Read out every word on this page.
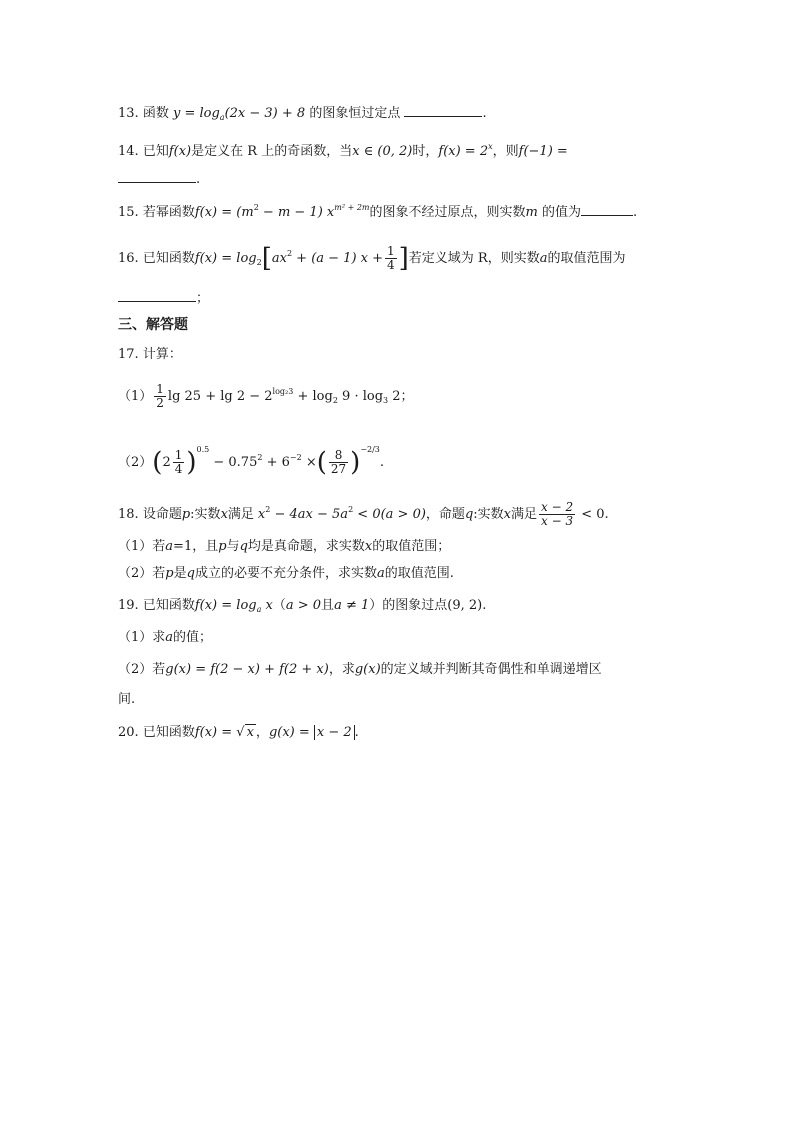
13. 函数 $y = \log_a(2x - 3) + 8$ 的图象恒过定点	.
14. 已知f(x)是定义在 R 上的奇函数，当x ∈ (0, 2)时，$f(x) = 2^x$，则f(−1) =
.
15. 若幂函数$f(x) = (m^2 - m - 1)$ $x^{m^2 + 2m}$的图象不经过原点，则实数m 的值为	.
16. 已知函数$f(x) = \log_2[ax^2 + (a - 1) x + \frac{1}{4}$ ]若定义域为 R，则实数a的取值范围为
；
三、解答题
17. 计算：
$(1) \frac{1}{2}$ $\lg 25 + \lg 2 - 2^{log_23} + \log_2 9 \cdot \log_3 2$；
$(2)(2 \frac{1}{4} )^{0.5} - 0.75^2 + 6^{-2}$ ×( $\frac{8}{27} )^{-2/3}$.
18. 设命题p:实数x满足 $x^2 - 4ax - 5a^2 < 0(a > 0)$，命题q:实数x满足 $\frac{x - 2}{x - 3} < 0$.
（1）若a=1，且p与q均是真命题，求实数x的取值范围；
（2）若p是q成立的必要不充分条件，求实数a的取值范围.
19. 已知函数$f(x) = \log_a x(a > 0$且a ≠ 1）的图象过点(9, 2).
（1）求a的值；
（2）若g(x) = f(2 − x) + f(2 + x)，求g(x)的定义域并判断其奇偶性和单调递增区
间.
20. 已知函数f(x) = √ x ，g(x) = x − 2 .
